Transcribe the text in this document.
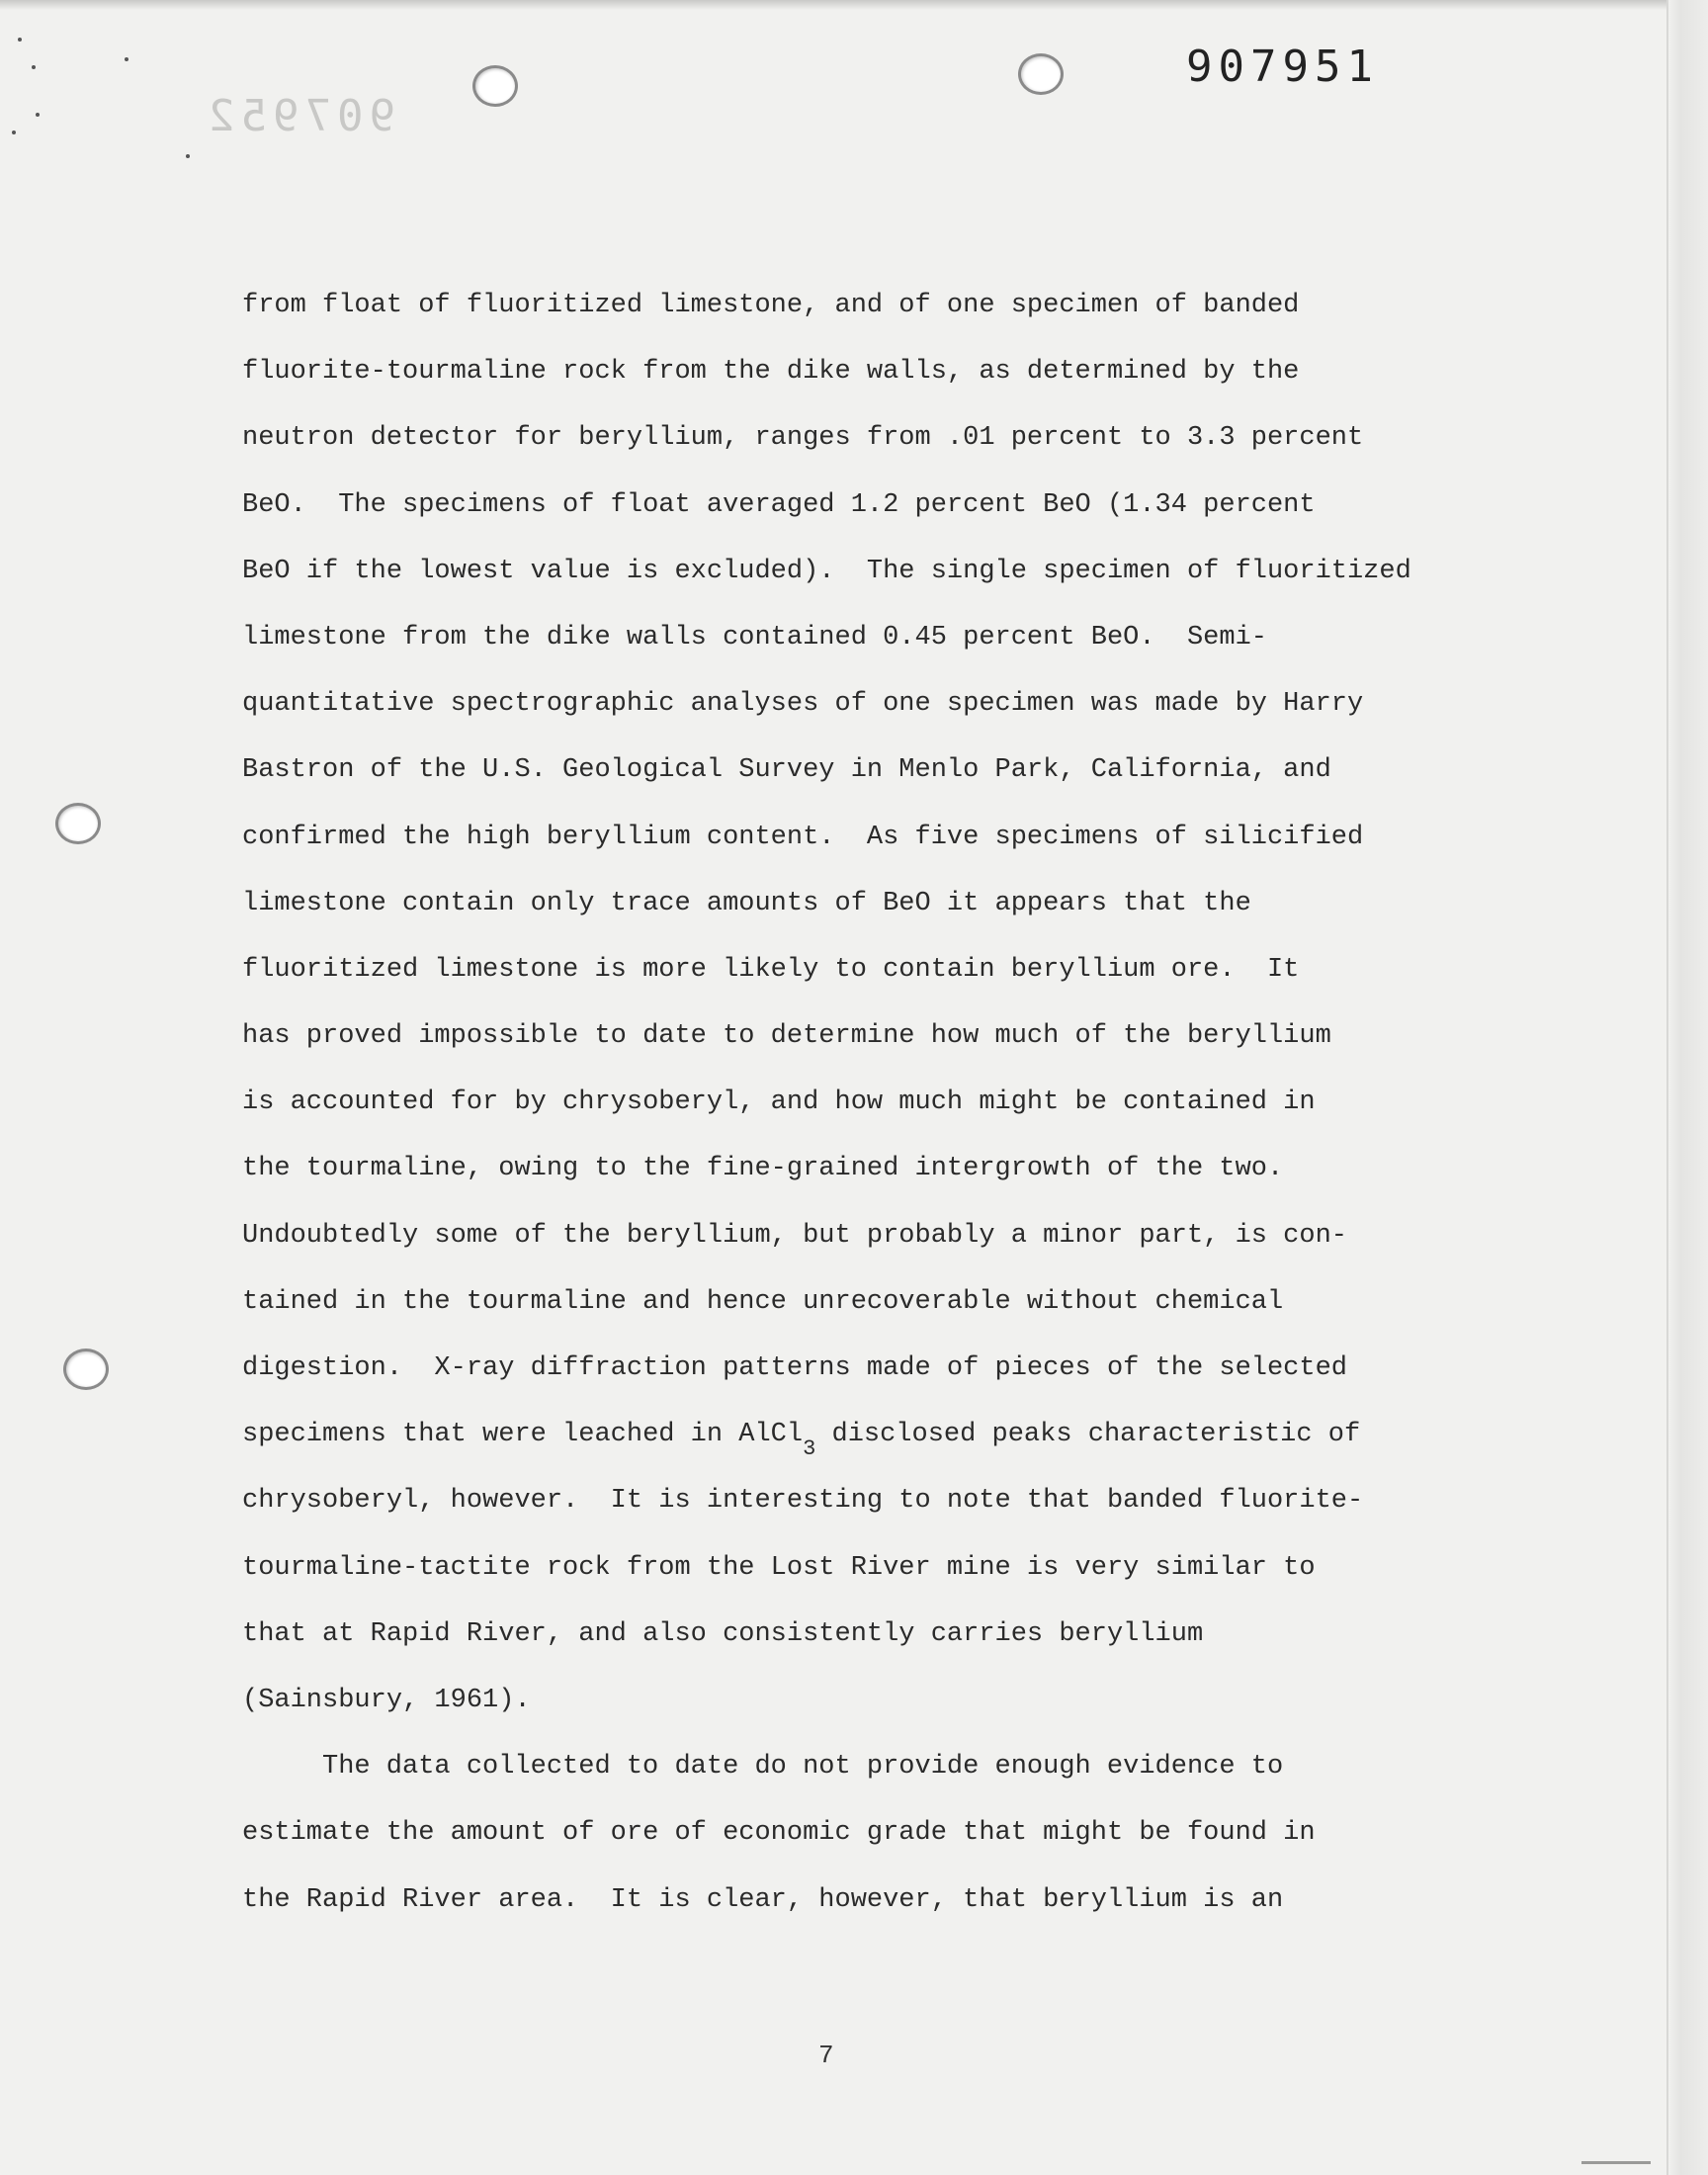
907952
907951
from float of fluoritized limestone, and of one specimen of banded
fluorite-tourmaline rock from the dike walls, as determined by the
neutron detector for beryllium, ranges from .01 percent to 3.3 percent
BeO.  The specimens of float averaged 1.2 percent BeO (1.34 percent
BeO if the lowest value is excluded).  The single specimen of fluoritized
limestone from the dike walls contained 0.45 percent BeO.  Semi-
quantitative spectrographic analyses of one specimen was made by Harry
Bastron of the U.S. Geological Survey in Menlo Park, California, and
confirmed the high beryllium content.  As five specimens of silicified
limestone contain only trace amounts of BeO it appears that the
fluoritized limestone is more likely to contain beryllium ore.  It
has proved impossible to date to determine how much of the beryllium
is accounted for by chrysoberyl, and how much might be contained in
the tourmaline, owing to the fine-grained intergrowth of the two.
Undoubtedly some of the beryllium, but probably a minor part, is con-
tained in the tourmaline and hence unrecoverable without chemical
digestion.  X-ray diffraction patterns made of pieces of the selected
specimens that were leached in AlCl$_3$ disclosed peaks characteristic of
chrysoberyl, however.  It is interesting to note that banded fluorite-
tourmaline-tactite rock from the Lost River mine is very similar to
that at Rapid River, and also consistently carries beryllium
(Sainsbury, 1961).
The data collected to date do not provide enough evidence to
estimate the amount of ore of economic grade that might be found in
the Rapid River area.  It is clear, however, that beryllium is an
7
